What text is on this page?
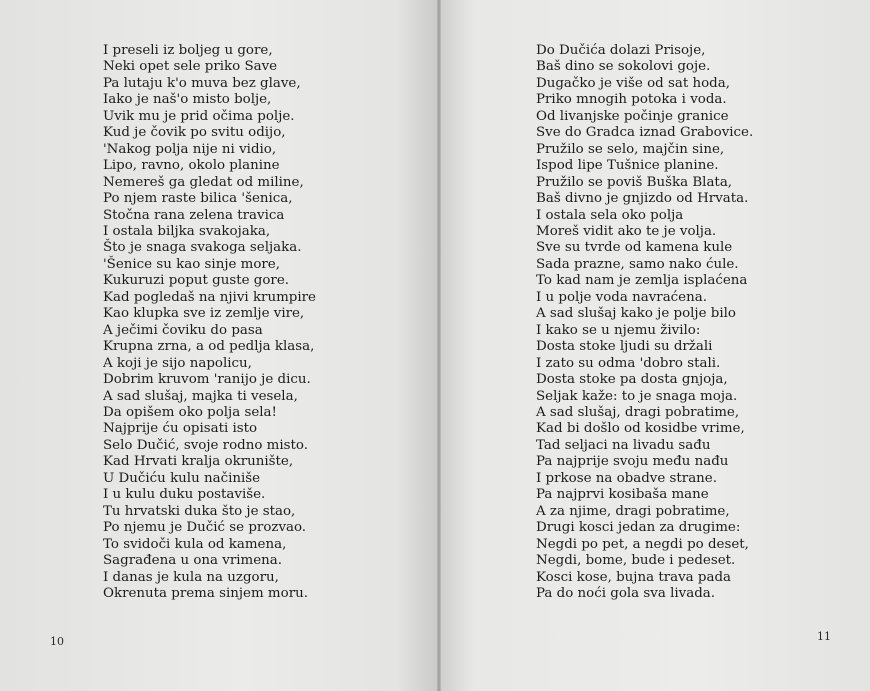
I preseli iz boljeg u gore,
Neki opet sele priko Save
Pa lutaju k'o muva bez glave,
Iako je naš'o misto bolje,
Uvik mu je prid očima polje.
Kud je čovik po svitu odijo,
'Nakog polja nije ni vidio,
Lipo, ravno, okolo planine
Nemereš ga gledat od miline,
Po njem raste bilica 'šenica,
Stočna rana zelena travica
I ostala biljka svakojaka,
Što je snaga svakoga seljaka.
'Šenice su kao sinje more,
Kukuruzi poput guste gore.
Kad pogledaš na njivi krumpire
Kao klupka sve iz zemlje vire,
A ječimi čoviku do pasa
Krupna zrna, a od pedlja klasa,
A koji je sijo napolicu,
Dobrim kruvom 'ranijo je dicu.
A sad slušaj, majka ti vesela,
Da opišem oko polja sela!
Najprije ću opisati isto
Selo Dučić, svoje rodno misto.
Kad Hrvati kralja okrunište,
U Dučiću kulu načiniše
I u kulu duku postaviše.
Tu hrvatski duka što je stao,
Po njemu je Dučić se prozvao.
To svidoči kula od kamena,
Sagrađena u ona vrimena.
I danas je kula na uzgoru,
Okrenuta prema sinjem moru.
10
Do Dučića dolazi Prisoje,
Baš dino se sokolovi goje.
Dugačko je više od sat hoda,
Priko mnogih potoka i voda.
Od livanjske počinje granice
Sve do Gradca iznad Grabovice.
Pružilo se selo, majčin sine,
Ispod lipe Tušnice planine.
Pružilo se poviš Buška Blata,
Baš divno je gnjizdo od Hrvata.
I ostala sela oko polja
Moreš vidit ako te je volja.
Sve su tvrde od kamena kule
Sada prazne, samo nako ćule.
To kad nam je zemlja isplaćena
I u polje voda navraćena.
A sad slušaj kako je polje bilo
I kako se u njemu živilo:
Dosta stoke ljudi su držali
I zato su odma 'dobro stali.
Dosta stoke pa dosta gnjoja,
Seljak kaže: to je snaga moja.
A sad slušaj, dragi pobratime,
Kad bi došlo od kosidbe vrime,
Tad seljaci na livadu sađu
Pa najprije svoju među nađu
I prkose na obadve strane.
Pa najprvi kosibaša mane
A za njime, dragi pobratime,
Drugi kosci jedan za drugime:
Negdi po pet, a negdi po deset,
Negdi, bome, bude i pedeset.
Kosci kose, bujna trava pada
Pa do noći gola sva livada.
11
